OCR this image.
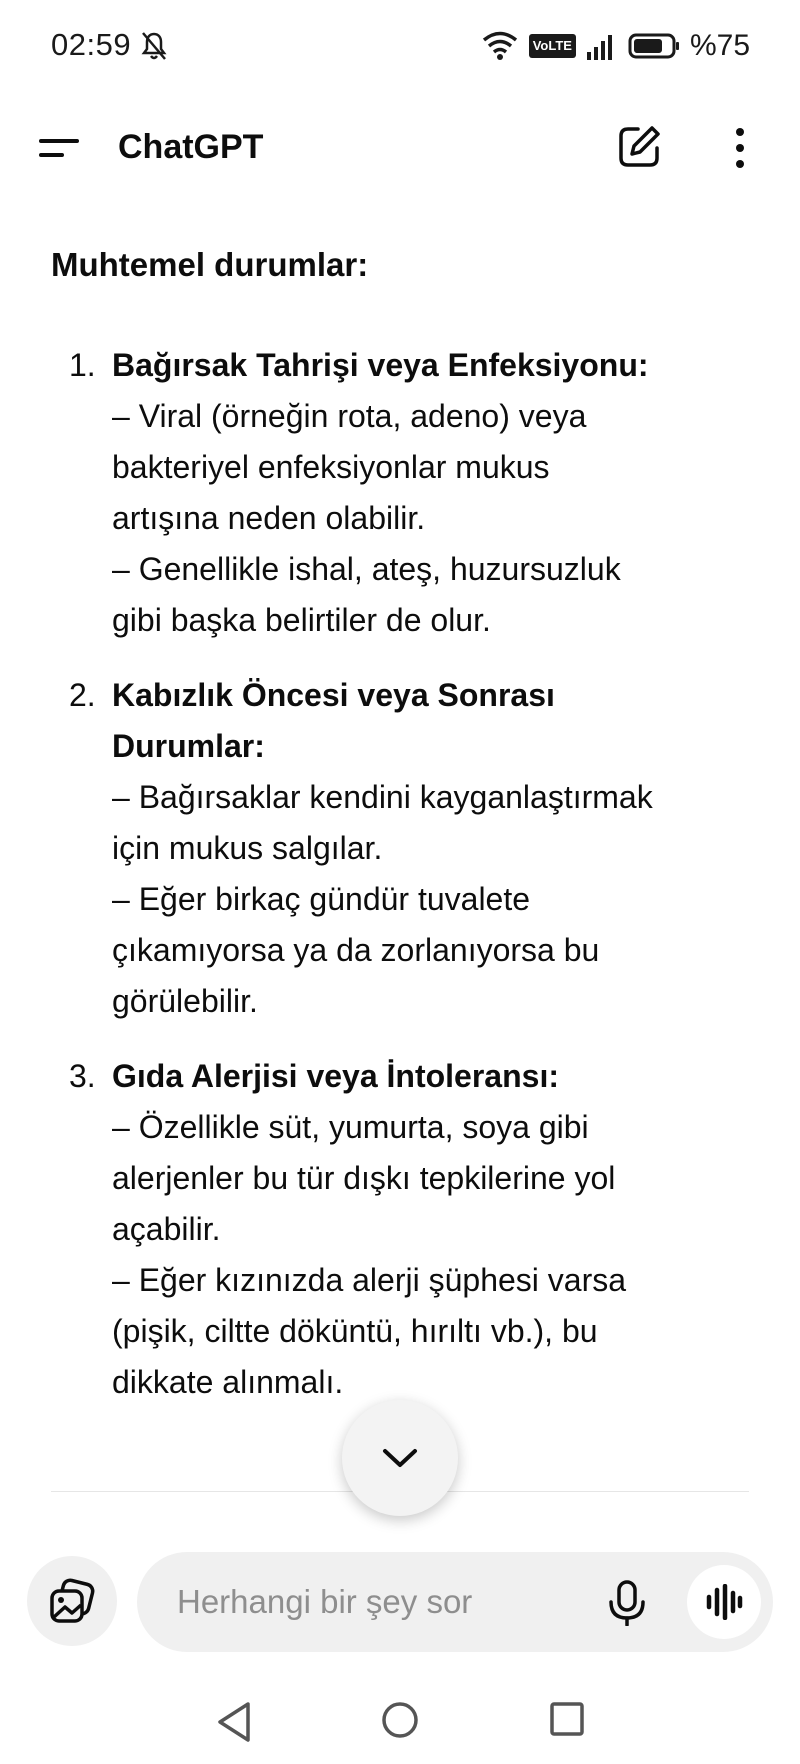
02:59	VoLTE	%75
ChatGPT
Muhtemel durumlar:
1. Bağırsak Tahrişi veya Enfeksiyonu:
– Viral (örneğin rota, adeno) veya
bakteriyel enfeksiyonlar mukus
artışına neden olabilir.
– Genellikle ishal, ateş, huzursuzluk
gibi başka belirtiler de olur.
2. Kabızlık Öncesi veya Sonrası Durumlar:
– Bağırsaklar kendini kayganlaştırmak
için mukus salgılar.
– Eğer birkaç gündür tuvalete
çıkamıyorsa ya da zorlanıyorsa bu
görülebilir.
3. Gıda Alerjisi veya İntoleransı:
– Özellikle süt, yumurta, soya gibi
alerjenler bu tür dışkı tepkilerine yol
açabilir.
– Eğer kızınızda alerji şüphesi varsa
(pişik, ciltte döküntü, hırıltı vb.), bu
dikkate alınmalı.
Herhangi bir şey sor
